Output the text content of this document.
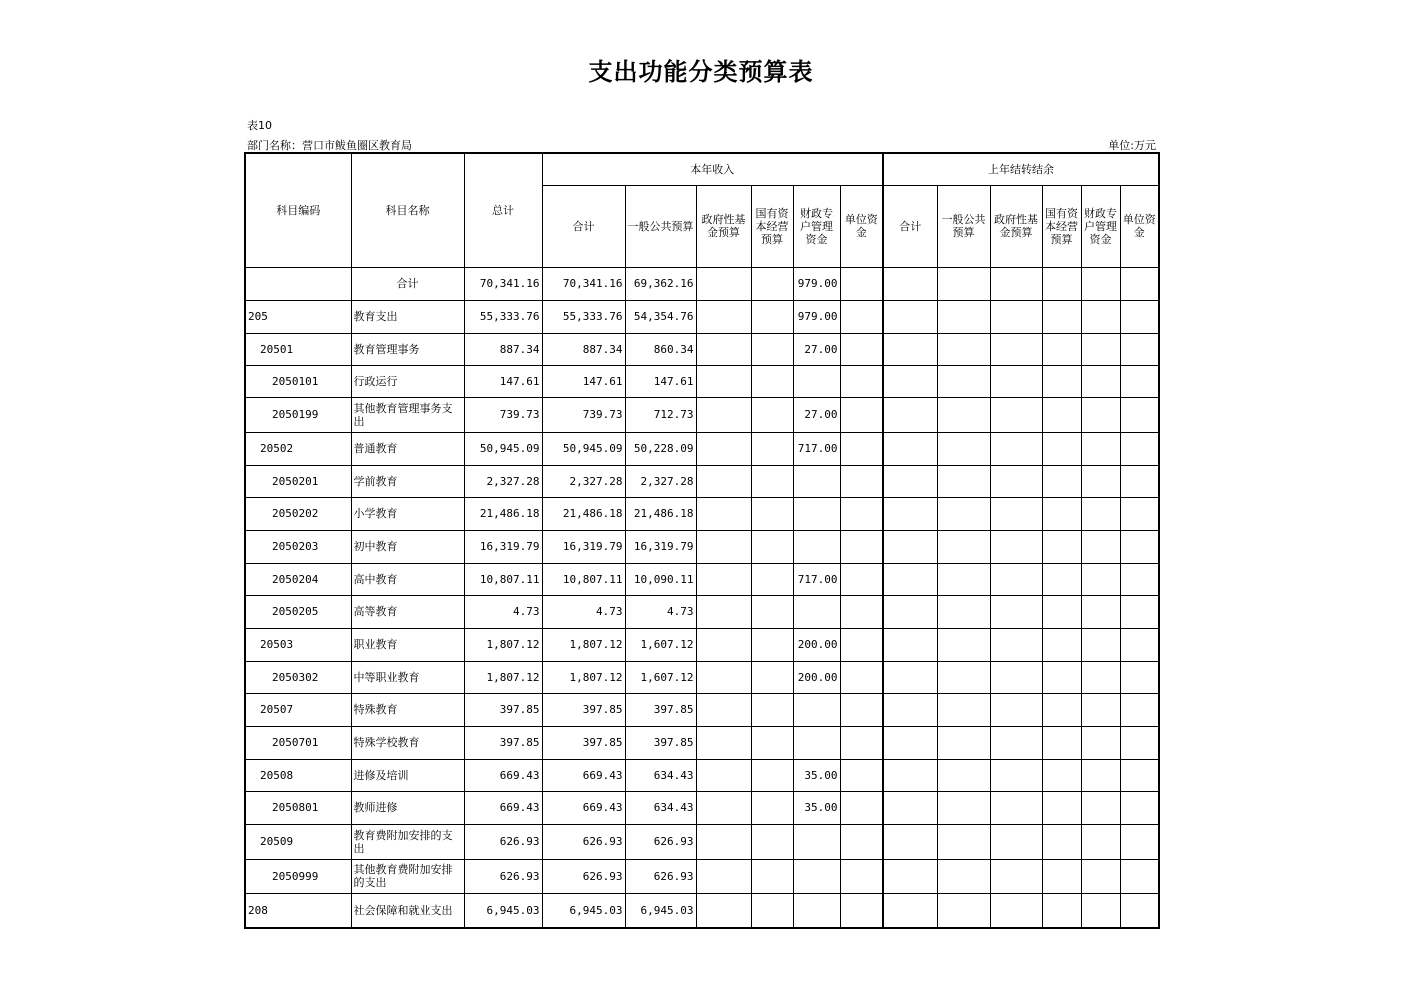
支出功能分类预算表
表10
部门名称：营口市鲅鱼圈区教育局	单位:万元
科目编码	科目名称	总计	本年收入						上年结转结余					
			合计	一般公共预算	政府性基金预算	国有资本经营预算	财政专户管理资金	单位资金	合计	一般公共预算	政府性基金预算	国有资本经营预算	财政专户管理资金	单位资金
	合计	70,341.16	70,341.16	69,362.16			979.00							
205	教育支出	55,333.76	55,333.76	54,354.76			979.00							
20501	教育管理事务	887.34	887.34	860.34			27.00							
2050101	行政运行	147.61	147.61	147.61										
2050199	其他教育管理事务支出	739.73	739.73	712.73			27.00							
20502	普通教育	50,945.09	50,945.09	50,228.09			717.00							
2050201	学前教育	2,327.28	2,327.28	2,327.28										
2050202	小学教育	21,486.18	21,486.18	21,486.18										
2050203	初中教育	16,319.79	16,319.79	16,319.79										
2050204	高中教育	10,807.11	10,807.11	10,090.11			717.00							
2050205	高等教育	4.73	4.73	4.73										
20503	职业教育	1,807.12	1,807.12	1,607.12			200.00							
2050302	中等职业教育	1,807.12	1,807.12	1,607.12			200.00							
20507	特殊教育	397.85	397.85	397.85										
2050701	特殊学校教育	397.85	397.85	397.85										
20508	进修及培训	669.43	669.43	634.43			35.00							
2050801	教师进修	669.43	669.43	634.43			35.00							
20509	教育费附加安排的支出	626.93	626.93	626.93										
2050999	其他教育费附加安排的支出	626.93	626.93	626.93										
208	社会保障和就业支出	6,945.03	6,945.03	6,945.03										
